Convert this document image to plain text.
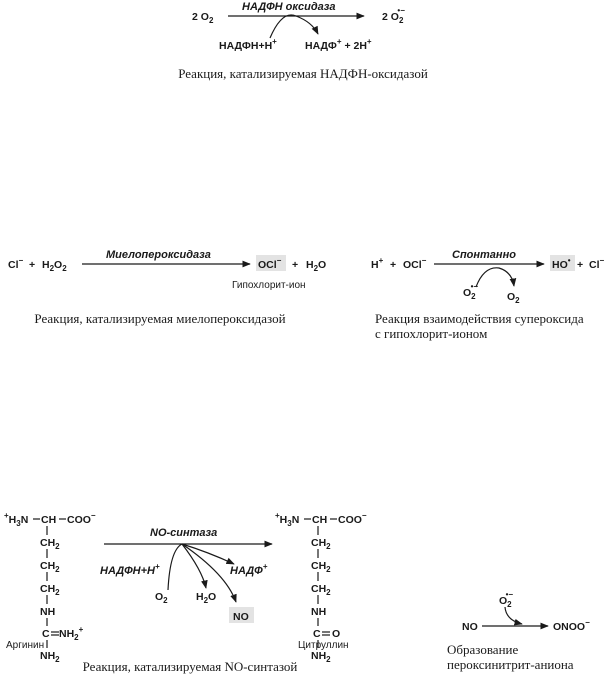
2 $O_2$
НАДФН оксидаза
2 $O_2•-$
НАДФН+H+	НАДФ+ + 2H+
Реакция, катализируемая НАДФН-оксидазой
$Cl^- + H_2O_2$
Миелопероксидаза
$OCl^- + H_2O$
Гипохлорит-ион
Реакция, катализируемая миелопероксидазой
H+ + OCl− Спонтанно
$O_2•-$
$O_2$
HO• + Cl−
Реакция взаимодействия супероксида
с гипохлорит-ионом
$^+H_3N$ CH COO−
$CH_2$
$CH_2$
$CH_2$
NH
C $NH_2^+$
$NH_2$
Аргинин
NO-синтаза
НАДФН+H+
$O_2$
НАДФ+
$H_2O$
NO
$^+H_3N$ CH COO−
$CH_2$
$CH_2$
$CH_2$
NH
C O
$NH_2$
Цитруллин
Реакция, катализируемая NO-синтазой
NO
$O_2•-$
ONOO−
Образование
пероксинитрит-аниона
